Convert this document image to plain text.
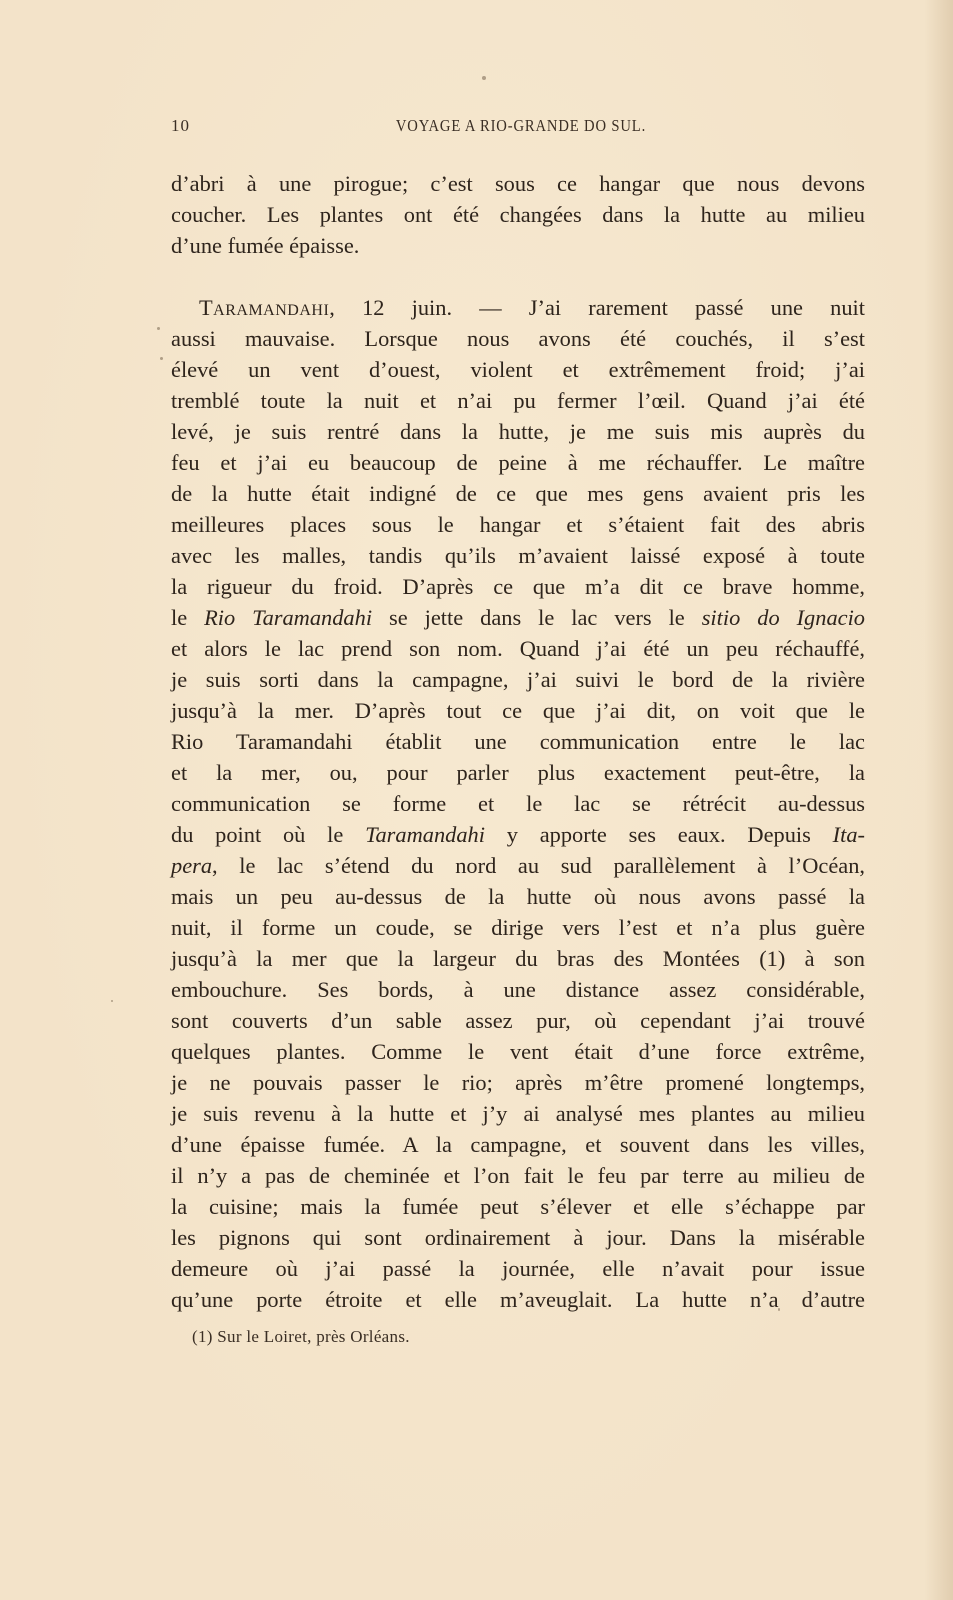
10	VOYAGE A RIO-GRANDE DO SUL.
d’abri à une pirogue; c’est sous ce hangar que nous devons
coucher. Les plantes ont été changées dans la hutte au milieu
d’une fumée épaisse.
Taramandahi, 12 juin. — J’ai rarement passé une nuit
aussi mauvaise. Lorsque nous avons été couchés, il s’est
élevé un vent d’ouest, violent et extrêmement froid; j’ai
tremblé toute la nuit et n’ai pu fermer l’œil. Quand j’ai été
levé, je suis rentré dans la hutte, je me suis mis auprès du
feu et j’ai eu beaucoup de peine à me réchauffer. Le maître
de la hutte était indigné de ce que mes gens avaient pris les
meilleures places sous le hangar et s’étaient fait des abris
avec les malles, tandis qu’ils m’avaient laissé exposé à toute
la rigueur du froid. D’après ce que m’a dit ce brave homme,
le Rio Taramandahi se jette dans le lac vers le sitio do Ignacio
et alors le lac prend son nom. Quand j’ai été un peu réchauffé,
je suis sorti dans la campagne, j’ai suivi le bord de la rivière
jusqu’à la mer. D’après tout ce que j’ai dit, on voit que le
Rio Taramandahi établit une communication entre le lac
et la mer, ou, pour parler plus exactement peut-être, la
communication se forme et le lac se rétrécit au-dessus
du point où le Taramandahi y apporte ses eaux. Depuis Ita-
pera, le lac s’étend du nord au sud parallèlement à l’Océan,
mais un peu au-dessus de la hutte où nous avons passé la
nuit, il forme un coude, se dirige vers l’est et n’a plus guère
jusqu’à la mer que la largeur du bras des Montées (1) à son
embouchure. Ses bords, à une distance assez considérable,
sont couverts d’un sable assez pur, où cependant j’ai trouvé
quelques plantes. Comme le vent était d’une force extrême,
je ne pouvais passer le rio; après m’être promené longtemps,
je suis revenu à la hutte et j’y ai analysé mes plantes au milieu
d’une épaisse fumée. A la campagne, et souvent dans les villes,
il n’y a pas de cheminée et l’on fait le feu par terre au milieu de
la cuisine; mais la fumée peut s’élever et elle s’échappe par
les pignons qui sont ordinairement à jour. Dans la misérable
demeure où j’ai passé la journée, elle n’avait pour issue
qu’une porte étroite et elle m’aveuglait. La hutte n’a d’autre
(1) Sur le Loiret, près Orléans.
